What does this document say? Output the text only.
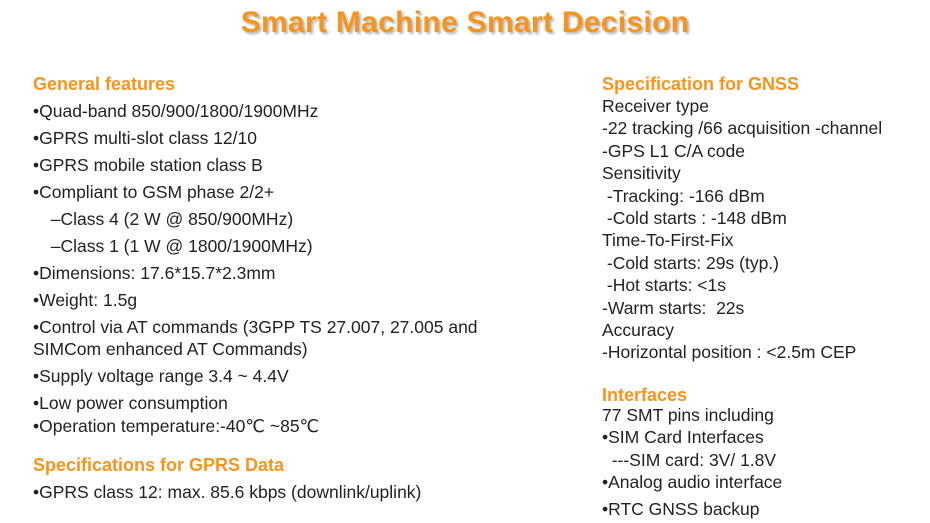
Smart Machine Smart Decision
General features
•Quad-band 850/900/1800/1900MHz
•GPRS multi-slot class 12/10
•GPRS mobile station class B
•Compliant to GSM phase 2/2+
–Class 4 (2 W @ 850/900MHz)
–Class 1 (1 W @ 1800/1900MHz)
•Dimensions: 17.6*15.7*2.3mm
•Weight: 1.5g
•Control via AT commands (3GPP TS 27.007, 27.005 and SIMCom enhanced AT Commands)
•Supply voltage range 3.4 ~ 4.4V
•Low power consumption
•Operation temperature:-40℃ ~85℃
Specifications for GPRS Data
•GPRS class 12: max. 85.6 kbps (downlink/uplink)
Specification for GNSS
Receiver type
-22 tracking /66 acquisition -channel
-GPS L1 C/A code
Sensitivity
-Tracking: -166 dBm
-Cold starts : -148 dBm
Time-To-First-Fix
-Cold starts: 29s (typ.)
-Hot starts: <1s
-Warm starts:  22s
Accuracy
-Horizontal position : <2.5m CEP
Interfaces
77 SMT pins including
•SIM Card Interfaces
---SIM card: 3V/ 1.8V
•Analog audio interface
•RTC GNSS backup
